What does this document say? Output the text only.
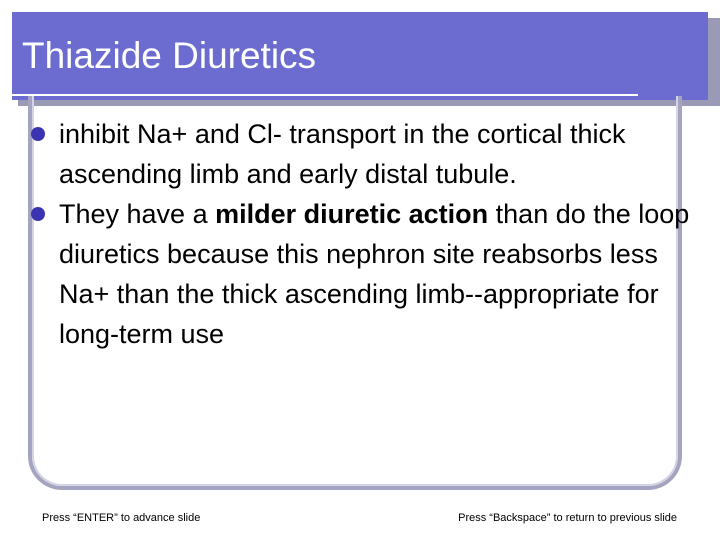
Thiazide Diuretics
inhibit Na+ and Cl- transport in the cortical thick ascending limb and early distal tubule.
They have a milder diuretic action than do the loop diuretics because this nephron site reabsorbs less Na+ than the thick ascending limb--appropriate for long-term use
Press “ENTER” to advance slide	Press “Backspace” to return to previous slide
